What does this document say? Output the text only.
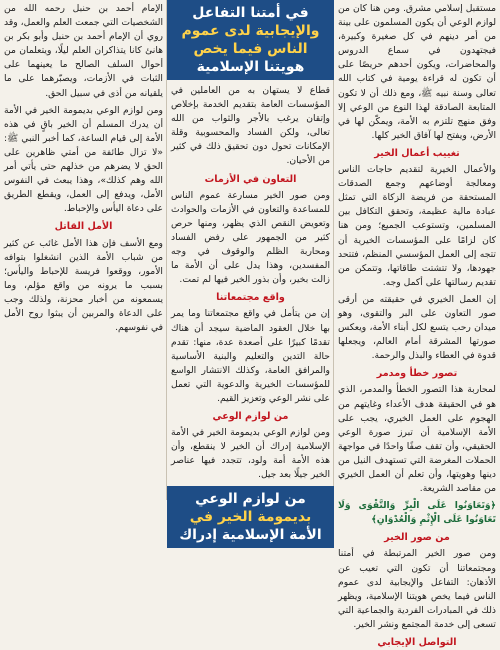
مستقبل إسلامي مشرق. ومن هنا كان من لوازم الوعي أن يكون المسلمون على بينة من أمر دينهم في كل صغيرة وكبيرة، فيجتهدون في سماع الدروس والمحاضرات، ويكون أحدهم حريصًا على أن تكون له قراءة يومية في كتاب الله تعالى وسنة نبيه ﷺ، ومع ذلك أن لا تكون المتابعة الصادقة لهذا النوع من الوعي إلا وفق منهج تلتزم به الأمة، ويمكّن لها في الأرض، ويفتح لها آفاق الخير كلها.

تغييب أعمال الخير

والأعمال الخيرية لتقديم حاجات الناس ومعالجة أوضاعهم وجمع الصدقات المستحقة من فريضة الزكاة التي تمثل عبادة مالية عظيمة، وتحقق التكافل بين المسلمين، وتستوعب الجميع؛ ومن هنا كان لزامًا على المؤسسات الخيرية أن تتجه إلى العمل المؤسسي المنظم، فتتحد جهودها، ولا تتشتت طاقاتها، وتتمكن من تقديم رسالتها على أكمل وجه.

إن العمل الخيري في حقيقته من أرقى صور التعاون على البر والتقوى، وهو ميدان رحب يتسع لكل أبناء الأمة، ويعكس صورتها المشرقة أمام العالم، ويجعلها قدوة في العطاء والبذل والرحمة.

تصور خطأ ومدمر

لمحاربة هذا التصور الخطأ والمدمر، الذي هو في الحقيقة هدف الأعداء وغايتهم من الهجوم على العمل الخيري، يجب على الأمة الإسلامية أن تبرز صورة الوعي الحقيقي، وأن تقف صفًا واحدًا في مواجهة الحملات المغرضة التي تستهدف النيل من دينها وهويتها، وأن تعلم أن العمل الخيري من مقاصد الشريعة.

﴿وَتَعَاوَنُوا عَلَى الْبِرِّ وَالتَّقْوَى وَلَا تَعَاوَنُوا عَلَى الْإِثْمِ وَالْعُدْوَانِ﴾

من صور الخير

ومن صور الخير المرتبطة في أمتنا ومجتمعاتنا أن تكون التي تعيب عن الأذهان: التفاعل والإيجابية لدى عموم الناس فيما يخص هويتنا الإسلامية، ويظهر ذلك في المبادرات الفردية والجماعية التي تسعى إلى خدمة المجتمع ونشر الخير.

التواصل الإيجابي
في أمتنا التفاعل
والإيجابية لدى عموم
الناس فيما يخص
هويتنا الإسلامية

قطاع لا يستهان به من العاملين في المؤسسات العامة بتقديم الخدمة بإخلاص وإتقان يرغب بالأجر والثواب من الله تعالى، ولكن الفساد والمحسوبية وقلة الإمكانات تحول دون تحقيق ذلك في كثير من الأحيان.

التعاون في الأزمات

ومن صور الخير مسارعة عموم الناس للمساعدة والتعاون في الأزمات والحوادث وتعويض النقص الذي يظهر، ومنها حرص كثير من الجمهور على رفض الفساد ومحاربة الظلم والوقوف في وجه المفسدين، وهذا يدل على أن الأمة ما زالت بخير، وأن بذور الخير فيها لم تمت.

واقع مجتمعاتنا

إن من يتأمل في واقع مجتمعاتنا وما يمر بها خلال العقود الماضية سيجد أن هناك تقدمًا كبيرًا على أصعدة عدة، منها: تقدم حالة التدين والتعليم والبنية الأساسية والمرافق العامة، وكذلك الانتشار الواسع للمؤسسات الخيرية والدعوية التي تعمل على نشر الوعي وتعزيز القيم.

من لوازم الوعي

ومن لوازم الوعي بديمومة الخير في الأمة الإسلامية إدراك أن الخير لا ينقطع، وأن هذه الأمة أمة ولود، تتجدد فيها عناصر الخير جيلًا بعد جيل.

من لوازم الوعي
بديمومة الخير في
الأمة الإسلامية إدراك

الإمام أحمد بن حنبل رحمه الله من الشخصيات التي جمعت العلم والعمل، وقد روي أن الإمام أحمد بن حنبل وأبو بكر بن هانئ كانا يتذاكران العلم ليلًا، ويتعلمان من أحوال السلف الصالح ما يعينهما على الثبات في الأزمات، ويصبّرهما على ما يلقيانه من أذى في سبيل الحق.

ومن لوازم الوعي بديمومة الخير في الأمة أن يدرك المسلم أن الخير باقٍ في هذه الأمة إلى قيام الساعة، كما أخبر النبي ﷺ: «لا تزال طائفة من أمتي ظاهرين على الحق لا يضرهم من خذلهم حتى يأتي أمر الله وهم كذلك»، وهذا يبعث في النفوس الأمل، ويدفع إلى العمل، ويقطع الطريق على دعاة اليأس والإحباط.

الأمل القاتل

ومع الأسف فإن هذا الأمل غائب عن كثير من شباب الأمة الذين انشغلوا بتوافه الأمور، ووقعوا فريسة للإحباط واليأس؛ بسبب ما يرونه من واقع مؤلم، وما يسمعونه من أخبار محزنة، ولذلك وجب على الدعاة والمربين أن يبثوا روح الأمل في نفوسهم.
